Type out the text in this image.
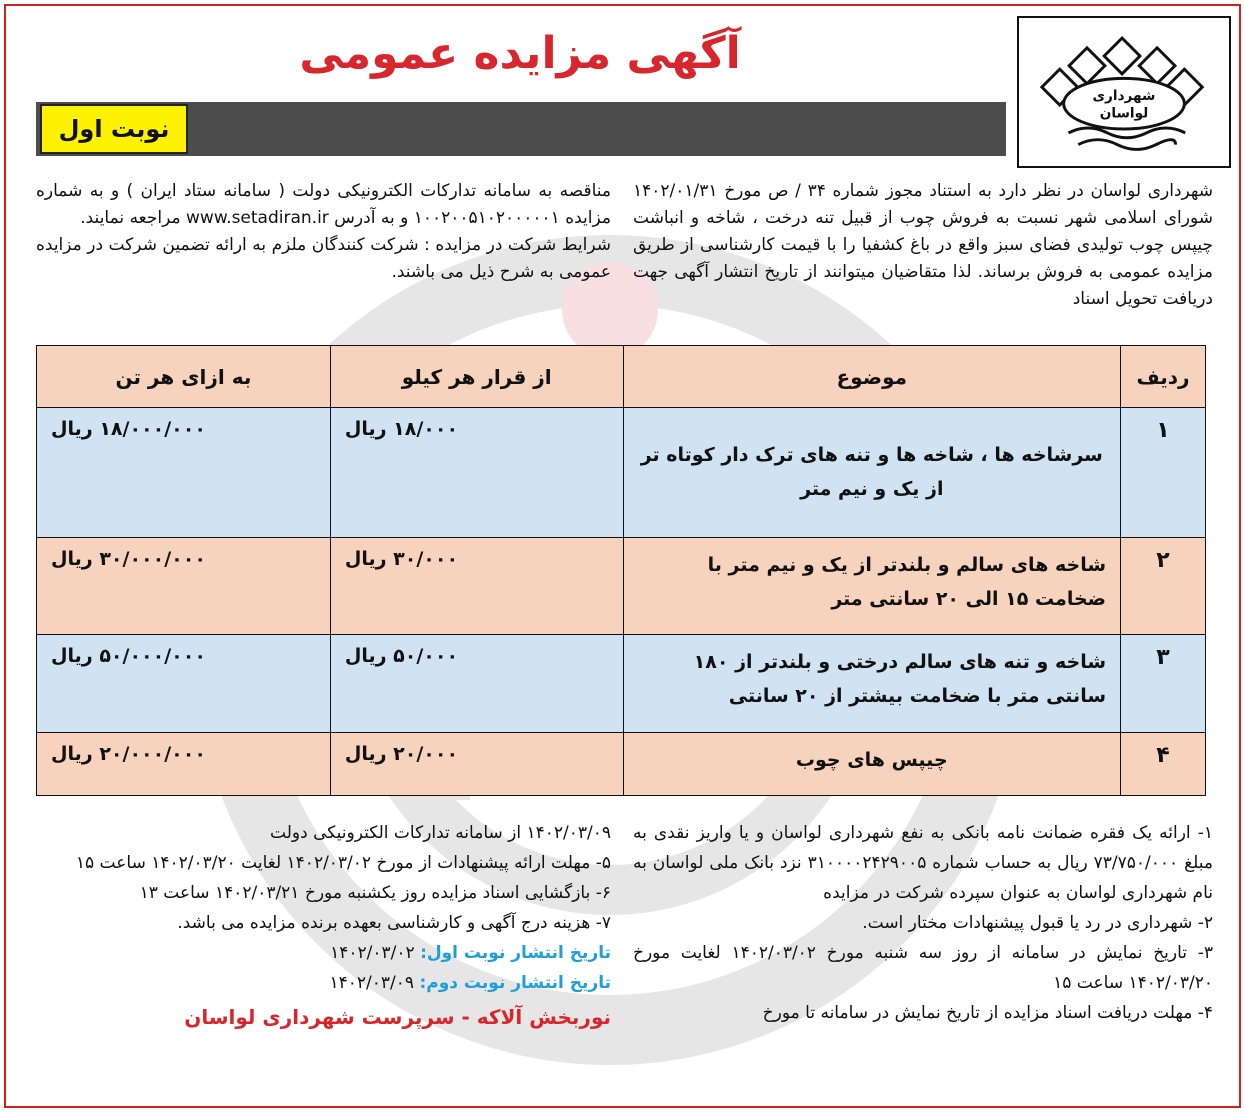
شهرداری
لواسان
آگهی مزایده عمومی
نوبت اول

شهرداری لواسان در نظر دارد به استناد مجوز شماره ۳۴ / ص مورخ ۱۴۰۲/۰۱/۳۱ شورای اسلامی شهر نسبت به فروش چوب از قبیل تنه درخت ، شاخه و انباشت چیپس چوب تولیدی فضای سبز واقع در باغ کشفیا را با قیمت کارشناسی از طریق مزایده عمومی به فروش برساند. لذا متقاضیان میتوانند از تاریخ انتشار آگهی جهت دریافت تحویل اسناد

مناقصه به سامانه تدارکات الکترونیکی دولت ( سامانه ستاد ایران ) و به شماره مزایده ۱۰۰۲۰۰۵۱۰۲۰۰۰۰۰۱ و به آدرس www.setadiran.ir مراجعه نمایند.

شرایط شرکت در مزایده : شرکت کنندگان ملزم به ارائه تضمین شرکت در مزایده عمومی به شرح ذیل می باشند.

ردیف	موضوع	از قرار هر کیلو	به ازای هر تن
۱	سرشاخه ها ، شاخه ها و تنه های ترک دار کوتاه تر از یک و نیم متر	۱۸/۰۰۰ ریال	۱۸/۰۰۰/۰۰۰ ریال
۲	شاخه های سالم و بلندتر از یک و نیم متر با ضخامت ۱۵ الی ۲۰ سانتی متر	۳۰/۰۰۰ ریال	۳۰/۰۰۰/۰۰۰ ریال
۳	شاخه و تنه های سالم درختی و بلندتر از ۱۸۰ سانتی متر با ضخامت بیشتر از ۲۰ سانتی	۵۰/۰۰۰ ریال	۵۰/۰۰۰/۰۰۰ ریال
۴	چیپس های چوب	۲۰/۰۰۰ ریال	۲۰/۰۰۰/۰۰۰ ریال
۱- ارائه یک فقره ضمانت نامه بانکی به نفع شهرداری لواسان و یا واریز نقدی به مبلغ ۷۳/۷۵۰/۰۰۰ ریال به حساب شماره ۳۱۰۰۰۰۲۴۲۹۰۰۵ نزد بانک ملی لواسان به نام شهرداری لواسان به عنوان سپرده شرکت در مزایده
۲- شهرداری در رد یا قبول پیشنهادات مختار است.
۳- تاریخ نمایش در سامانه از روز سه شنبه مورخ ۱۴۰۲/۰۳/۰۲ لغایت مورخ ۱۴۰۲/۰۳/۲۰ ساعت ۱۵
۴- مهلت دریافت اسناد مزایده از تاریخ نمایش در سامانه تا مورخ
۱۴۰۲/۰۳/۰۹ از سامانه تدارکات الکترونیکی دولت
۵- مهلت ارائه پیشنهادات از مورخ ۱۴۰۲/۰۳/۰۲ لغایت ۱۴۰۲/۰۳/۲۰ ساعت ۱۵
۶- بازگشایی اسناد مزایده روز یکشنبه مورخ ۱۴۰۲/۰۳/۲۱ ساعت ۱۳
۷- هزینه درج آگهی و کارشناسی بعهده برنده مزایده می باشد.
تاریخ انتشار نوبت اول: ۱۴۰۲/۰۳/۰۲
تاریخ انتشار نوبت دوم: ۱۴۰۲/۰۳/۰۹
نوربخش آلاکه - سرپرست شهرداری لواسان
